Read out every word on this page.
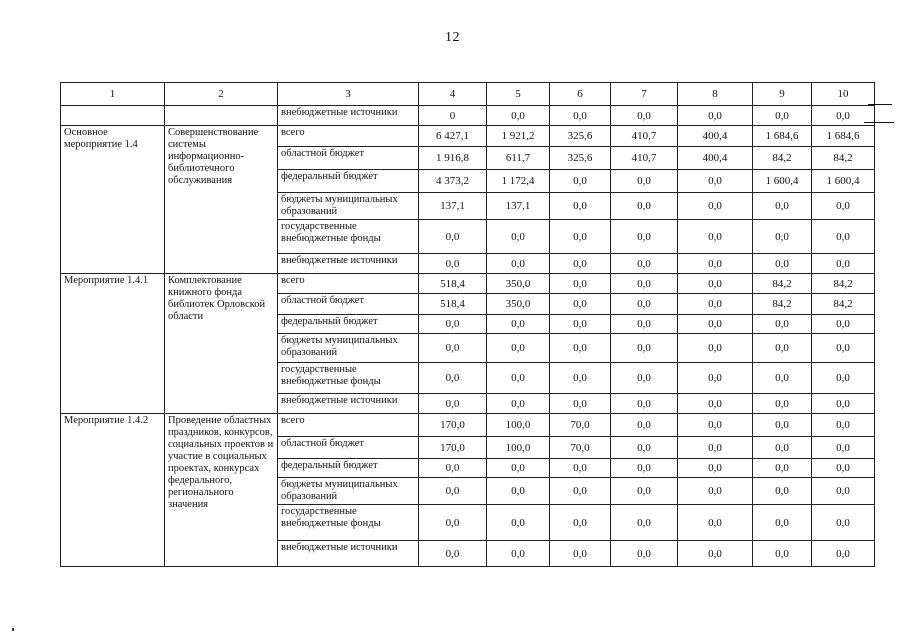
12
1	2	3	4	5	6	7	8	9	10
		внебюджетные источники	0	0,0	0,0	0,0	0,0	0,0	0,0
Основное мероприятие 1.4	Совершенствование системы информационно-библиотечного обслуживания	всего	6 427,1	1 921,2	325,6	410,7	400,4	1 684,6	1 684,6
		областной бюджет	1 916,8	611,7	325,6	410,7	400,4	84,2	84,2
		федеральный бюджет	4 373,2	1 172,4	0,0	0,0	0,0	1 600,4	1 600,4
		бюджеты муниципальных образований	137,1	137,1	0,0	0,0	0,0	0,0	0,0
		государственные внебюджетные фонды	0,0	0,0	0,0	0,0	0,0	0,0	0,0
		внебюджетные источники	0,0	0,0	0,0	0,0	0,0	0,0	0,0
Мероприятие 1.4.1	Комплектование книжного фонда библиотек Орловской области	всего	518,4	350,0	0,0	0,0	0,0	84,2	84,2
		областной бюджет	518,4	350,0	0,0	0,0	0,0	84,2	84,2
		федеральный бюджет	0,0	0,0	0,0	0,0	0,0	0,0	0,0
		бюджеты муниципальных образований	0,0	0,0	0,0	0,0	0,0	0,0	0,0
		государственные внебюджетные фонды	0,0	0,0	0,0	0,0	0,0	0,0	0,0
		внебюджетные источники	0,0	0,0	0,0	0,0	0,0	0,0	0,0
Мероприятие 1.4.2	Проведение областных праздников, конкурсов, социальных проектов и участие в социальных проектах, конкурсах федерального, регионального значения	всего	170,0	100,0	70,0	0,0	0,0	0,0	0,0
		областной бюджет	170,0	100,0	70,0	0,0	0,0	0,0	0,0
		федеральный бюджет	0,0	0,0	0,0	0,0	0,0	0,0	0,0
		бюджеты муниципальных образований	0,0	0,0	0,0	0,0	0,0	0,0	0,0
		государственные внебюджетные фонды	0,0	0,0	0,0	0,0	0,0	0,0	0,0
		внебюджетные источники	0,0	0,0	0,0	0,0	0,0	0,0	0,0
